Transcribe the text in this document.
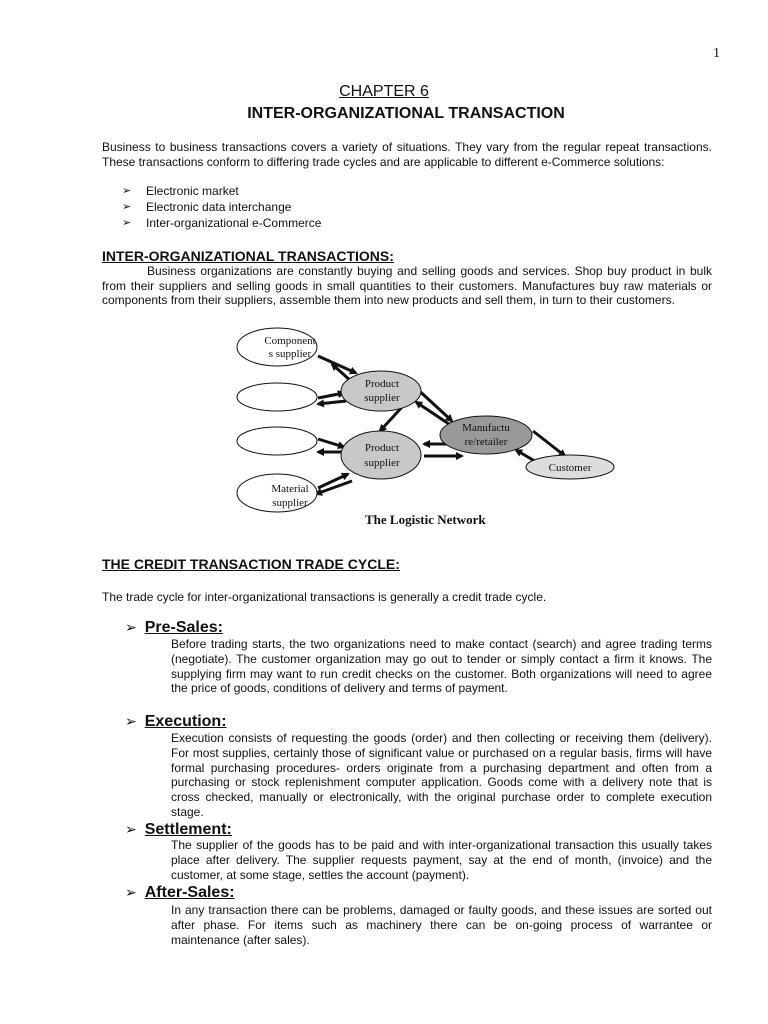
1
CHAPTER 6
INTER-ORGANIZATIONAL TRANSACTION
Business to business transactions covers a variety of situations. They vary from the regular repeat transactions. These transactions conform to differing trade cycles and are applicable to different e-Commerce solutions:
➢ Electronic market
➢ Electronic data interchange
➢ Inter-organizational e-Commerce
INTER-ORGANIZATIONAL TRANSACTIONS:
Business organizations are constantly buying and selling goods and services. Shop buy product in bulk from their suppliers and selling goods in small quantities to their customers. Manufactures buy raw materials or components from their suppliers, assemble them into new products and sell them, in turn to their customers.
Component
s supplier
Material
supplier
Product
supplier
Product
supplier
Manufactu
re/retailer
Customer
The Logistic Network
THE CREDIT TRANSACTION TRADE CYCLE:
The trade cycle for inter-organizational transactions is generally a credit trade cycle.
➢ Pre-Sales:
Before trading starts, the two organizations need to make contact (search) and agree trading terms (negotiate). The customer organization may go out to tender or simply contact a firm it knows. The supplying firm may want to run credit checks on the customer. Both organizations will need to agree the price of goods, conditions of delivery and terms of payment.
➢ Execution:
Execution consists of requesting the goods (order) and then collecting or receiving them (delivery). For most supplies, certainly those of significant value or purchased on a regular basis, firms will have formal purchasing procedures- orders originate from a purchasing department and often from a purchasing or stock replenishment computer application. Goods come with a delivery note that is cross checked, manually or electronically, with the original purchase order to complete execution stage.
➢ Settlement:
The supplier of the goods has to be paid and with inter-organizational transaction this usually takes place after delivery. The supplier requests payment, say at the end of month, (invoice) and the customer, at some stage, settles the account (payment).
➢ After-Sales:
In any transaction there can be problems, damaged or faulty goods, and these issues are sorted out after phase. For items such as machinery there can be on-going process of warrantee or maintenance (after sales).
